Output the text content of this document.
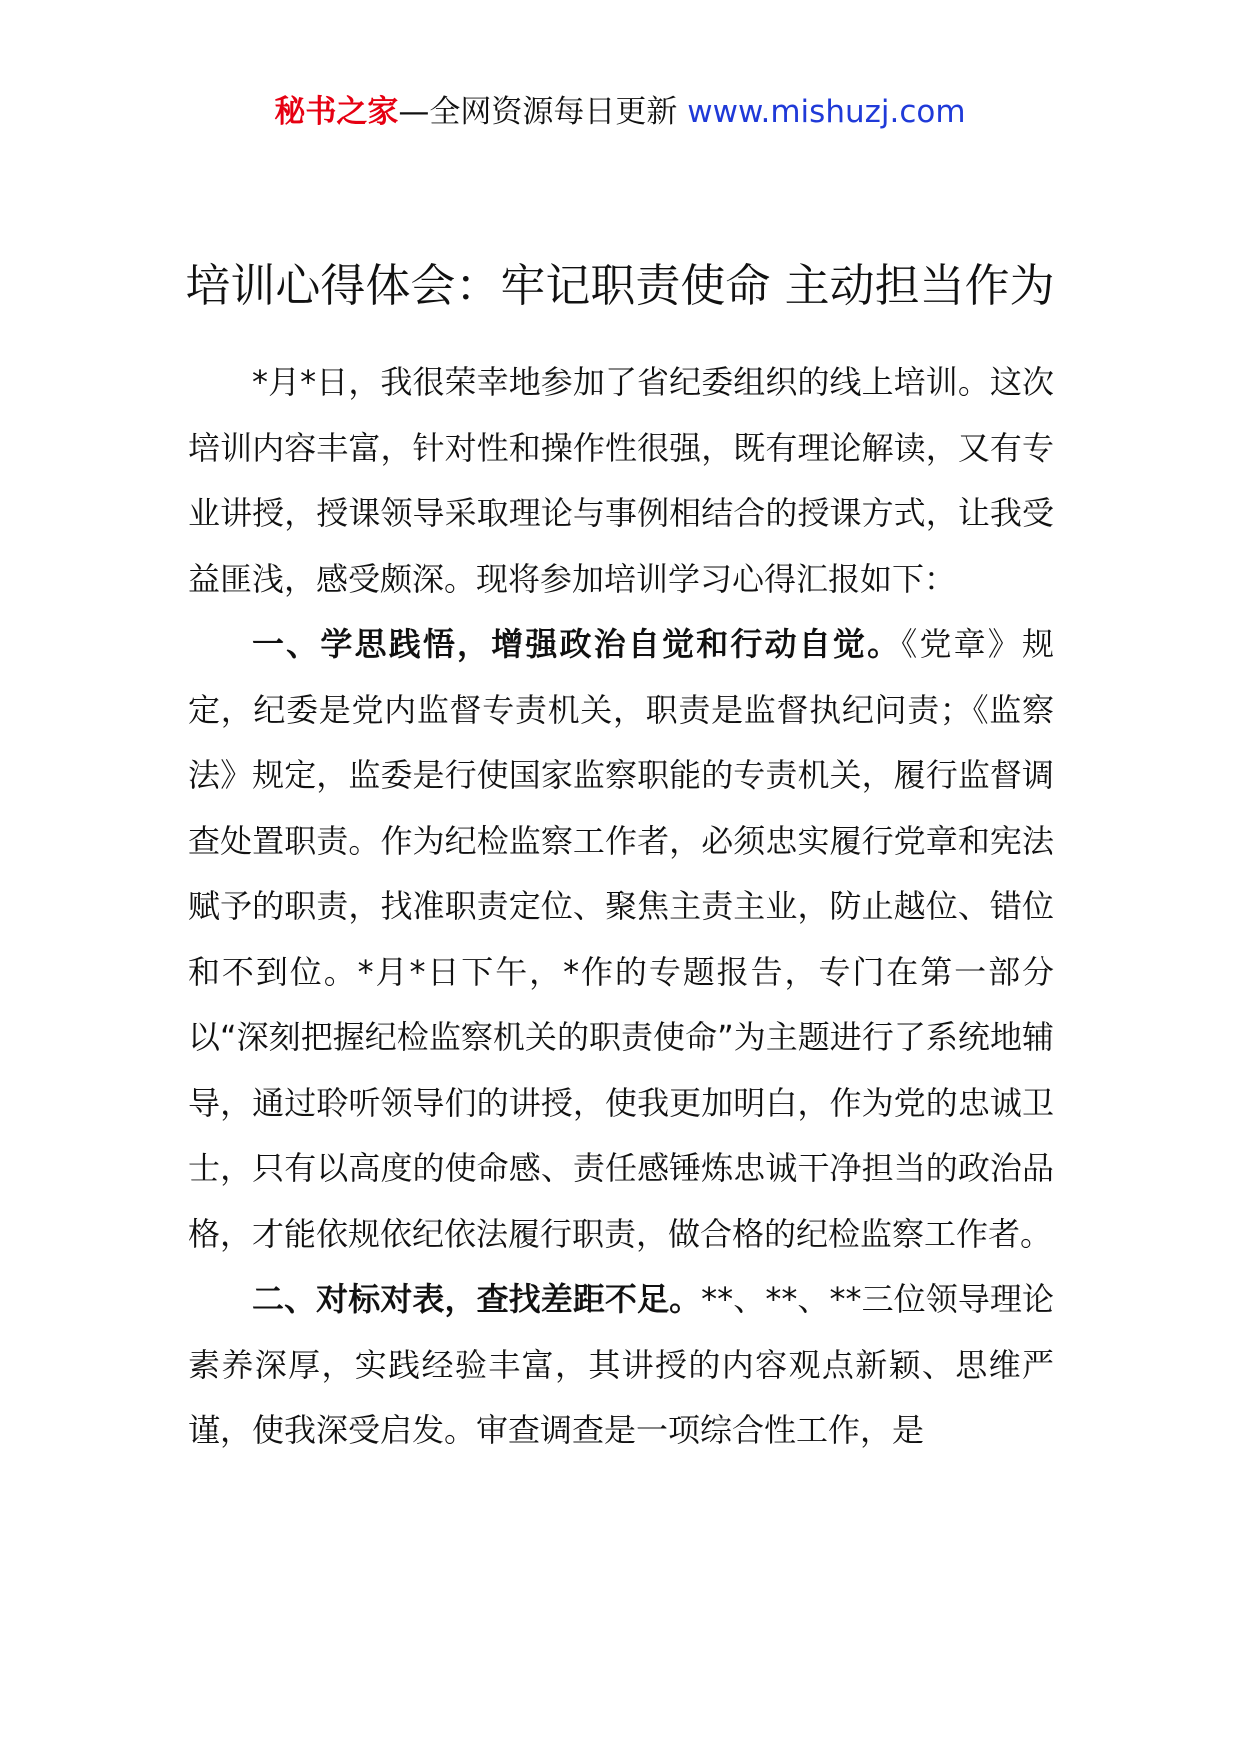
秘书之家—全网资源每日更新 www.mishuzj.com
培训心得体会：牢记职责使命 主动担当作为

*月*日，我很荣幸地参加了省纪委组织的线上培训。这次培训内容丰富，针对性和操作性很强，既有理论解读，又有专业讲授，授课领导采取理论与事例相结合的授课方式，让我受益匪浅，感受颇深。现将参加培训学习心得汇报如下：

一、学思践悟，增强政治自觉和行动自觉。《党章》规定，纪委是党内监督专责机关，职责是监督执纪问责；《监察法》规定，监委是行使国家监察职能的专责机关，履行监督调查处置职责。作为纪检监察工作者，必须忠实履行党章和宪法赋予的职责，找准职责定位、聚焦主责主业，防止越位、错位和不到位。*月*日下午，*作的专题报告，专门在第一部分以“深刻把握纪检监察机关的职责使命”为主题进行了系统地辅导，通过聆听领导们的讲授，使我更加明白，作为党的忠诚卫士，只有以高度的使命感、责任感锤炼忠诚干净担当的政治品格，才能依规依纪依法履行职责，做合格的纪检监察工作者。

二、对标对表，查找差距不足。**、**、**三位领导理论素养深厚，实践经验丰富，其讲授的内容观点新颖、思维严谨，使我深受启发。审查调查是一项综合性工作，是
